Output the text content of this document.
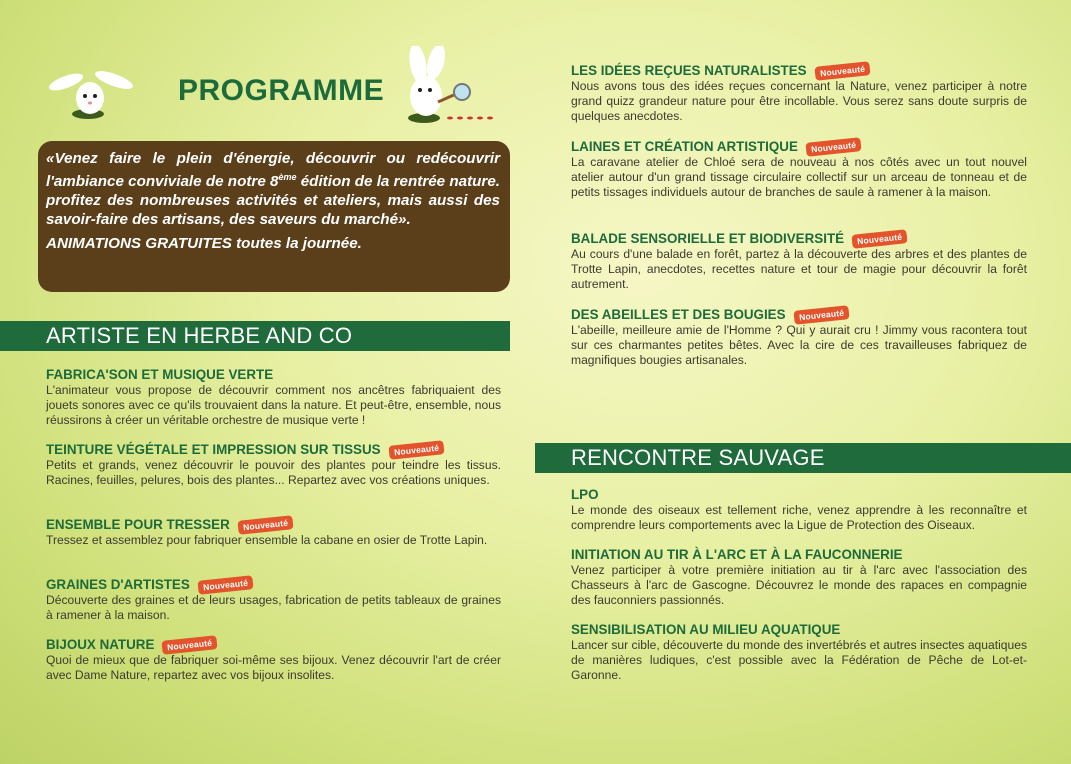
PROGRAMME
«Venez faire le plein d'énergie, découvrir ou redécouvrir l'ambiance conviviale de notre 8ème édition de la rentrée nature. profitez des nombreuses activités et ateliers, mais aussi des savoir-faire des artisans, des saveurs du marché».
ANIMATIONS GRATUITES toutes la journée.
ARTISTE EN HERBE AND CO
RENCONTRE SAUVAGE
FABRICA'SON ET MUSIQUE VERTE

L'animateur vous propose de découvrir comment nos ancêtres fabriquaient des jouets sonores avec ce qu'ils trouvaient dans la nature. Et peut-être, ensemble, nous réussirons à créer un véritable orchestre de musique verte !

TEINTURE VÉGÉTALE ET IMPRESSION SUR TISSUS	Nouveauté

Petits et grands, venez découvrir le pouvoir des plantes pour teindre les tissus. Racines, feuilles, pelures, bois des plantes... Repartez avec vos créations uniques.

ENSEMBLE POUR TRESSER	Nouveauté

Tressez et assemblez pour fabriquer ensemble la cabane en osier de Trotte Lapin.

GRAINES D'ARTISTES	Nouveauté

Découverte des graines et de leurs usages, fabrication de petits tableaux de graines à ramener à la maison.

BIJOUX NATURE	Nouveauté

Quoi de mieux que de fabriquer soi-même ses bijoux. Venez découvrir l'art de créer avec Dame Nature, repartez avec vos bijoux insolites.

LES IDÉES REÇUES NATURALISTES	Nouveauté

Nous avons tous des idées reçues concernant la Nature, venez participer à notre grand quizz grandeur nature pour être incollable. Vous serez sans doute surpris de quelques anecdotes.

LAINES ET CRÉATION ARTISTIQUE	Nouveauté

La caravane atelier de Chloé sera de nouveau à nos côtés avec un tout nouvel atelier autour d'un grand tissage circulaire collectif sur un arceau de tonneau et de petits tissages individuels autour de branches de saule à ramener à la maison.

BALADE SENSORIELLE ET BIODIVERSITÉ	Nouveauté

Au cours d'une balade en forêt, partez à la découverte des arbres et des plantes de Trotte Lapin, anecdotes, recettes nature et tour de magie pour découvrir la forêt autrement.

DES ABEILLES ET DES BOUGIES	Nouveauté

L'abeille, meilleure amie de l'Homme ? Qui y aurait cru ! Jimmy vous racontera tout sur ces charmantes petites bêtes. Avec la cire de ces travailleuses fabriquez de magnifiques bougies artisanales.

LPO

Le monde des oiseaux est tellement riche, venez apprendre à les reconnaître et comprendre leurs comportements avec la Ligue de Protection des Oiseaux.

INITIATION AU TIR À L'ARC ET À LA FAUCONNERIE

Venez participer à votre première initiation au tir à l'arc avec l'association des Chasseurs à l'arc de Gascogne. Découvrez le monde des rapaces en compagnie des fauconniers passionnés.

SENSIBILISATION AU MILIEU AQUATIQUE

Lancer sur cible, découverte du monde des invertébrés et autres insectes aquatiques de manières ludiques, c'est possible avec la Fédération de Pêche de Lot-et-Garonne.
